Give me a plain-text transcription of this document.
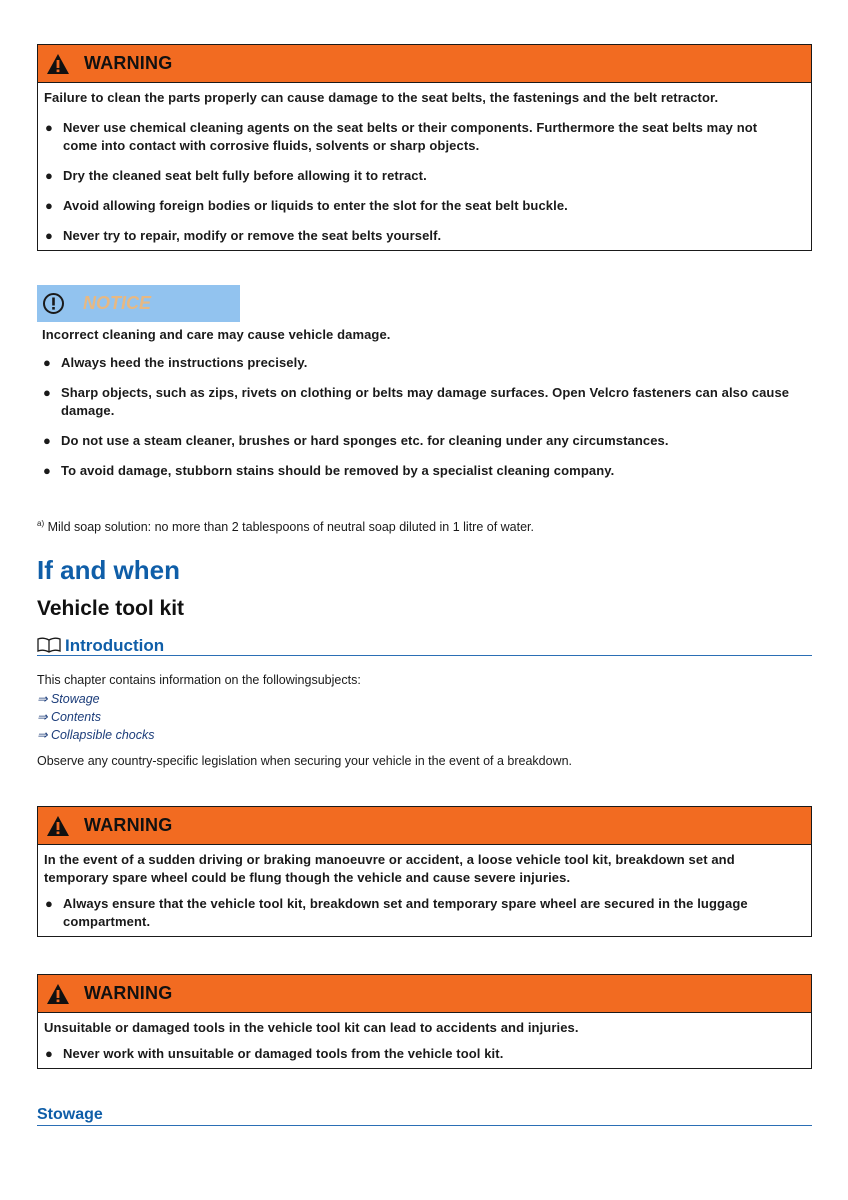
WARNING

Failure to clean the parts properly can cause damage to the seat belts, the fastenings and the belt retractor.

● Never use chemical cleaning agents on the seat belts or their components. Furthermore the seat belts may not come into contact with corrosive fluids, solvents or sharp objects.
● Dry the cleaned seat belt fully before allowing it to retract.
● Avoid allowing foreign bodies or liquids to enter the slot for the seat belt buckle.
● Never try to repair, modify or remove the seat belts yourself.
NOTICE

Incorrect cleaning and care may cause vehicle damage.

● Always heed the instructions precisely.
● Sharp objects, such as zips, rivets on clothing or belts may damage surfaces. Open Velcro fasteners can also cause damage.
● Do not use a steam cleaner, brushes or hard sponges etc. for cleaning under any circumstances.
● To avoid damage, stubborn stains should be removed by a specialist cleaning company.
$^{a)}$ Mild soap solution: no more than 2 tablespoons of neutral soap diluted in 1 litre of water.
If and when
Vehicle tool kit
Introduction
This chapter contains information on the followingsubjects:
⇒ Stowage
⇒ Contents
⇒ Collapsible chocks
Observe any country-specific legislation when securing your vehicle in the event of a breakdown.
WARNING

In the event of a sudden driving or braking manoeuvre or accident, a loose vehicle tool kit, breakdown set and temporary spare wheel could be flung though the vehicle and cause severe injuries.

● Always ensure that the vehicle tool kit, breakdown set and temporary spare wheel are secured in the luggage compartment.
WARNING

Unsuitable or damaged tools in the vehicle tool kit can lead to accidents and injuries.

● Never work with unsuitable or damaged tools from the vehicle tool kit.
Stowage
